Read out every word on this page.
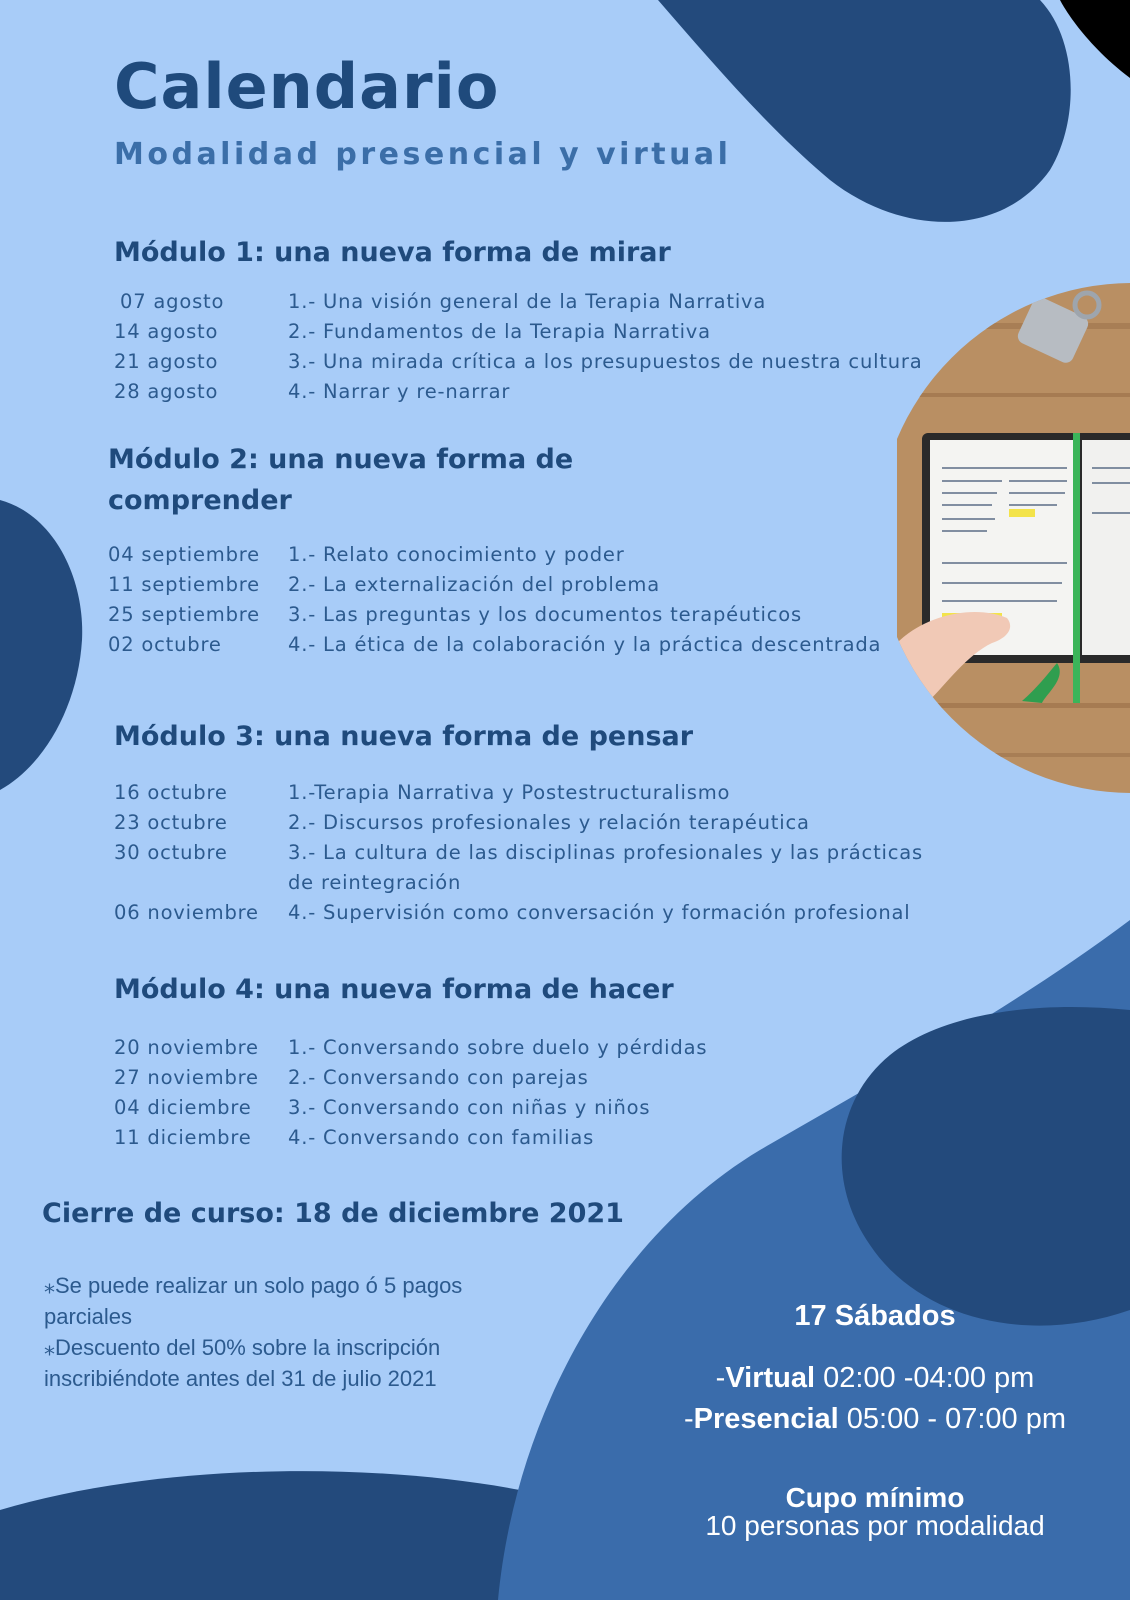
Calendario
Modalidad presencial y virtual
Módulo 1: una nueva forma de mirar
07 agosto	1.- Una visión general de la Terapia Narrativa
14 agosto	2.- Fundamentos de la Terapia Narrativa
21 agosto	3.- Una mirada crítica a los presupuestos de nuestra cultura
28 agosto	4.- Narrar y re-narrar
Módulo 2: una nueva forma de comprender
04 septiembre 1.- Relato conocimiento y poder
11 septiembre 2.- La externalización del problema
25 septiembre 3.- Las preguntas y los documentos terapéuticos
02 octubre	4.- La ética de la colaboración y la práctica descentrada
Módulo 3: una nueva forma de pensar
16 octubre	1.-Terapia Narrativa y Postestructuralismo
23 octubre	2.- Discursos profesionales y relación terapéutica
30 octubre	3.- La cultura de las disciplinas profesionales y las prácticas de reintegración
06 noviembre 4.- Supervisión como conversación y formación profesional
Módulo 4: una nueva forma de hacer
20 noviembre 1.- Conversando sobre duelo y pérdidas
27 noviembre 2.- Conversando con parejas
04 diciembre 3.- Conversando con niñas y niños
11 diciembre 4.- Conversando con familias
Cierre de curso: 18 de diciembre 2021

⁎Se puede realizar un solo pago ó 5 pagos parciales

⁎Descuento del 50% sobre la inscripción inscribiéndote antes del 31 de julio 2021

17 Sábados
-Virtual 02:00 -04:00 pm
-Presencial 05:00 - 07:00 pm
Cupo mínimo
10 personas por modalidad
